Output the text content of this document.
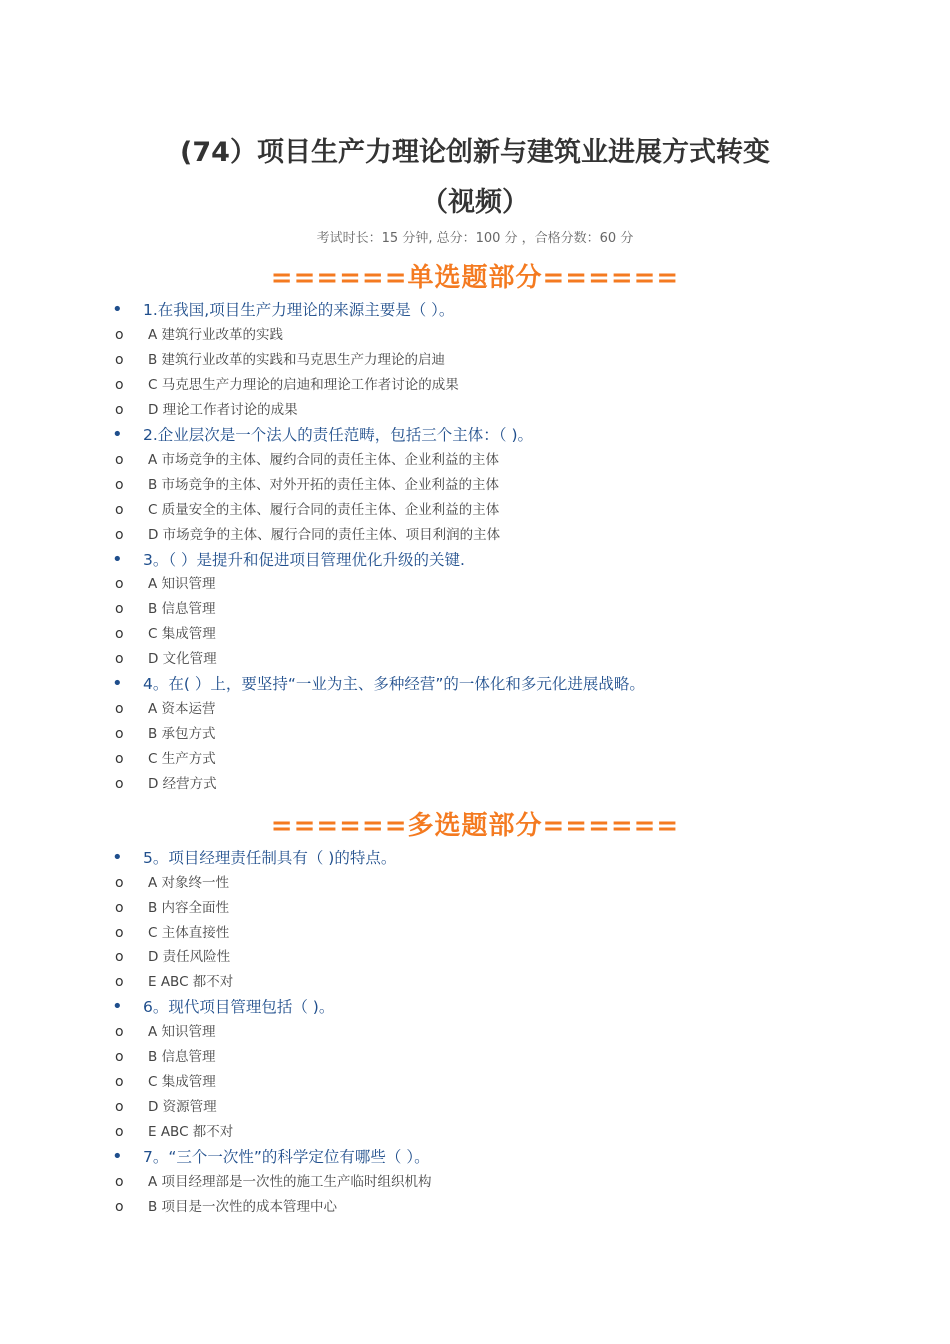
(74）项目生产力理论创新与建筑业进展方式转变
（视频）
考试时长：15 分钟, 总分：100 分 ，合格分数：60 分
======单选题部分======
• 1.在我国,项目生产力理论的来源主要是（ ）。
o A 建筑行业改革的实践
o B 建筑行业改革的实践和马克思生产力理论的启迪
o C 马克思生产力理论的启迪和理论工作者讨论的成果
o D 理论工作者讨论的成果
• 2.企业层次是一个法人的责任范畴，包括三个主体：（ )。
o A 市场竞争的主体、履约合同的责任主体、企业利益的主体
o B 市场竞争的主体、对外开拓的责任主体、企业利益的主体
o C 质量安全的主体、履行合同的责任主体、企业利益的主体
o D 市场竞争的主体、履行合同的责任主体、项目利润的主体
• 3。（ ）是提升和促进项目管理优化升级的关键.
o A 知识管理
o B 信息管理
o C 集成管理
o D 文化管理
• 4。在( ）上，要坚持“一业为主、多种经营”的一体化和多元化进展战略。
o A 资本运营
o B 承包方式
o C 生产方式
o D 经营方式
======多选题部分======
• 5。项目经理责任制具有（ )的特点。
o A 对象终一性
o B 内容全面性
o C 主体直接性
o D 责任风险性
o E ABC 都不对
• 6。现代项目管理包括（ )。
o A 知识管理
o B 信息管理
o C 集成管理
o D 资源管理
o E ABC 都不对
• 7。“三个一次性”的科学定位有哪些（ ）。
o A 项目经理部是一次性的施工生产临时组织机构
o B 项目是一次性的成本管理中心
